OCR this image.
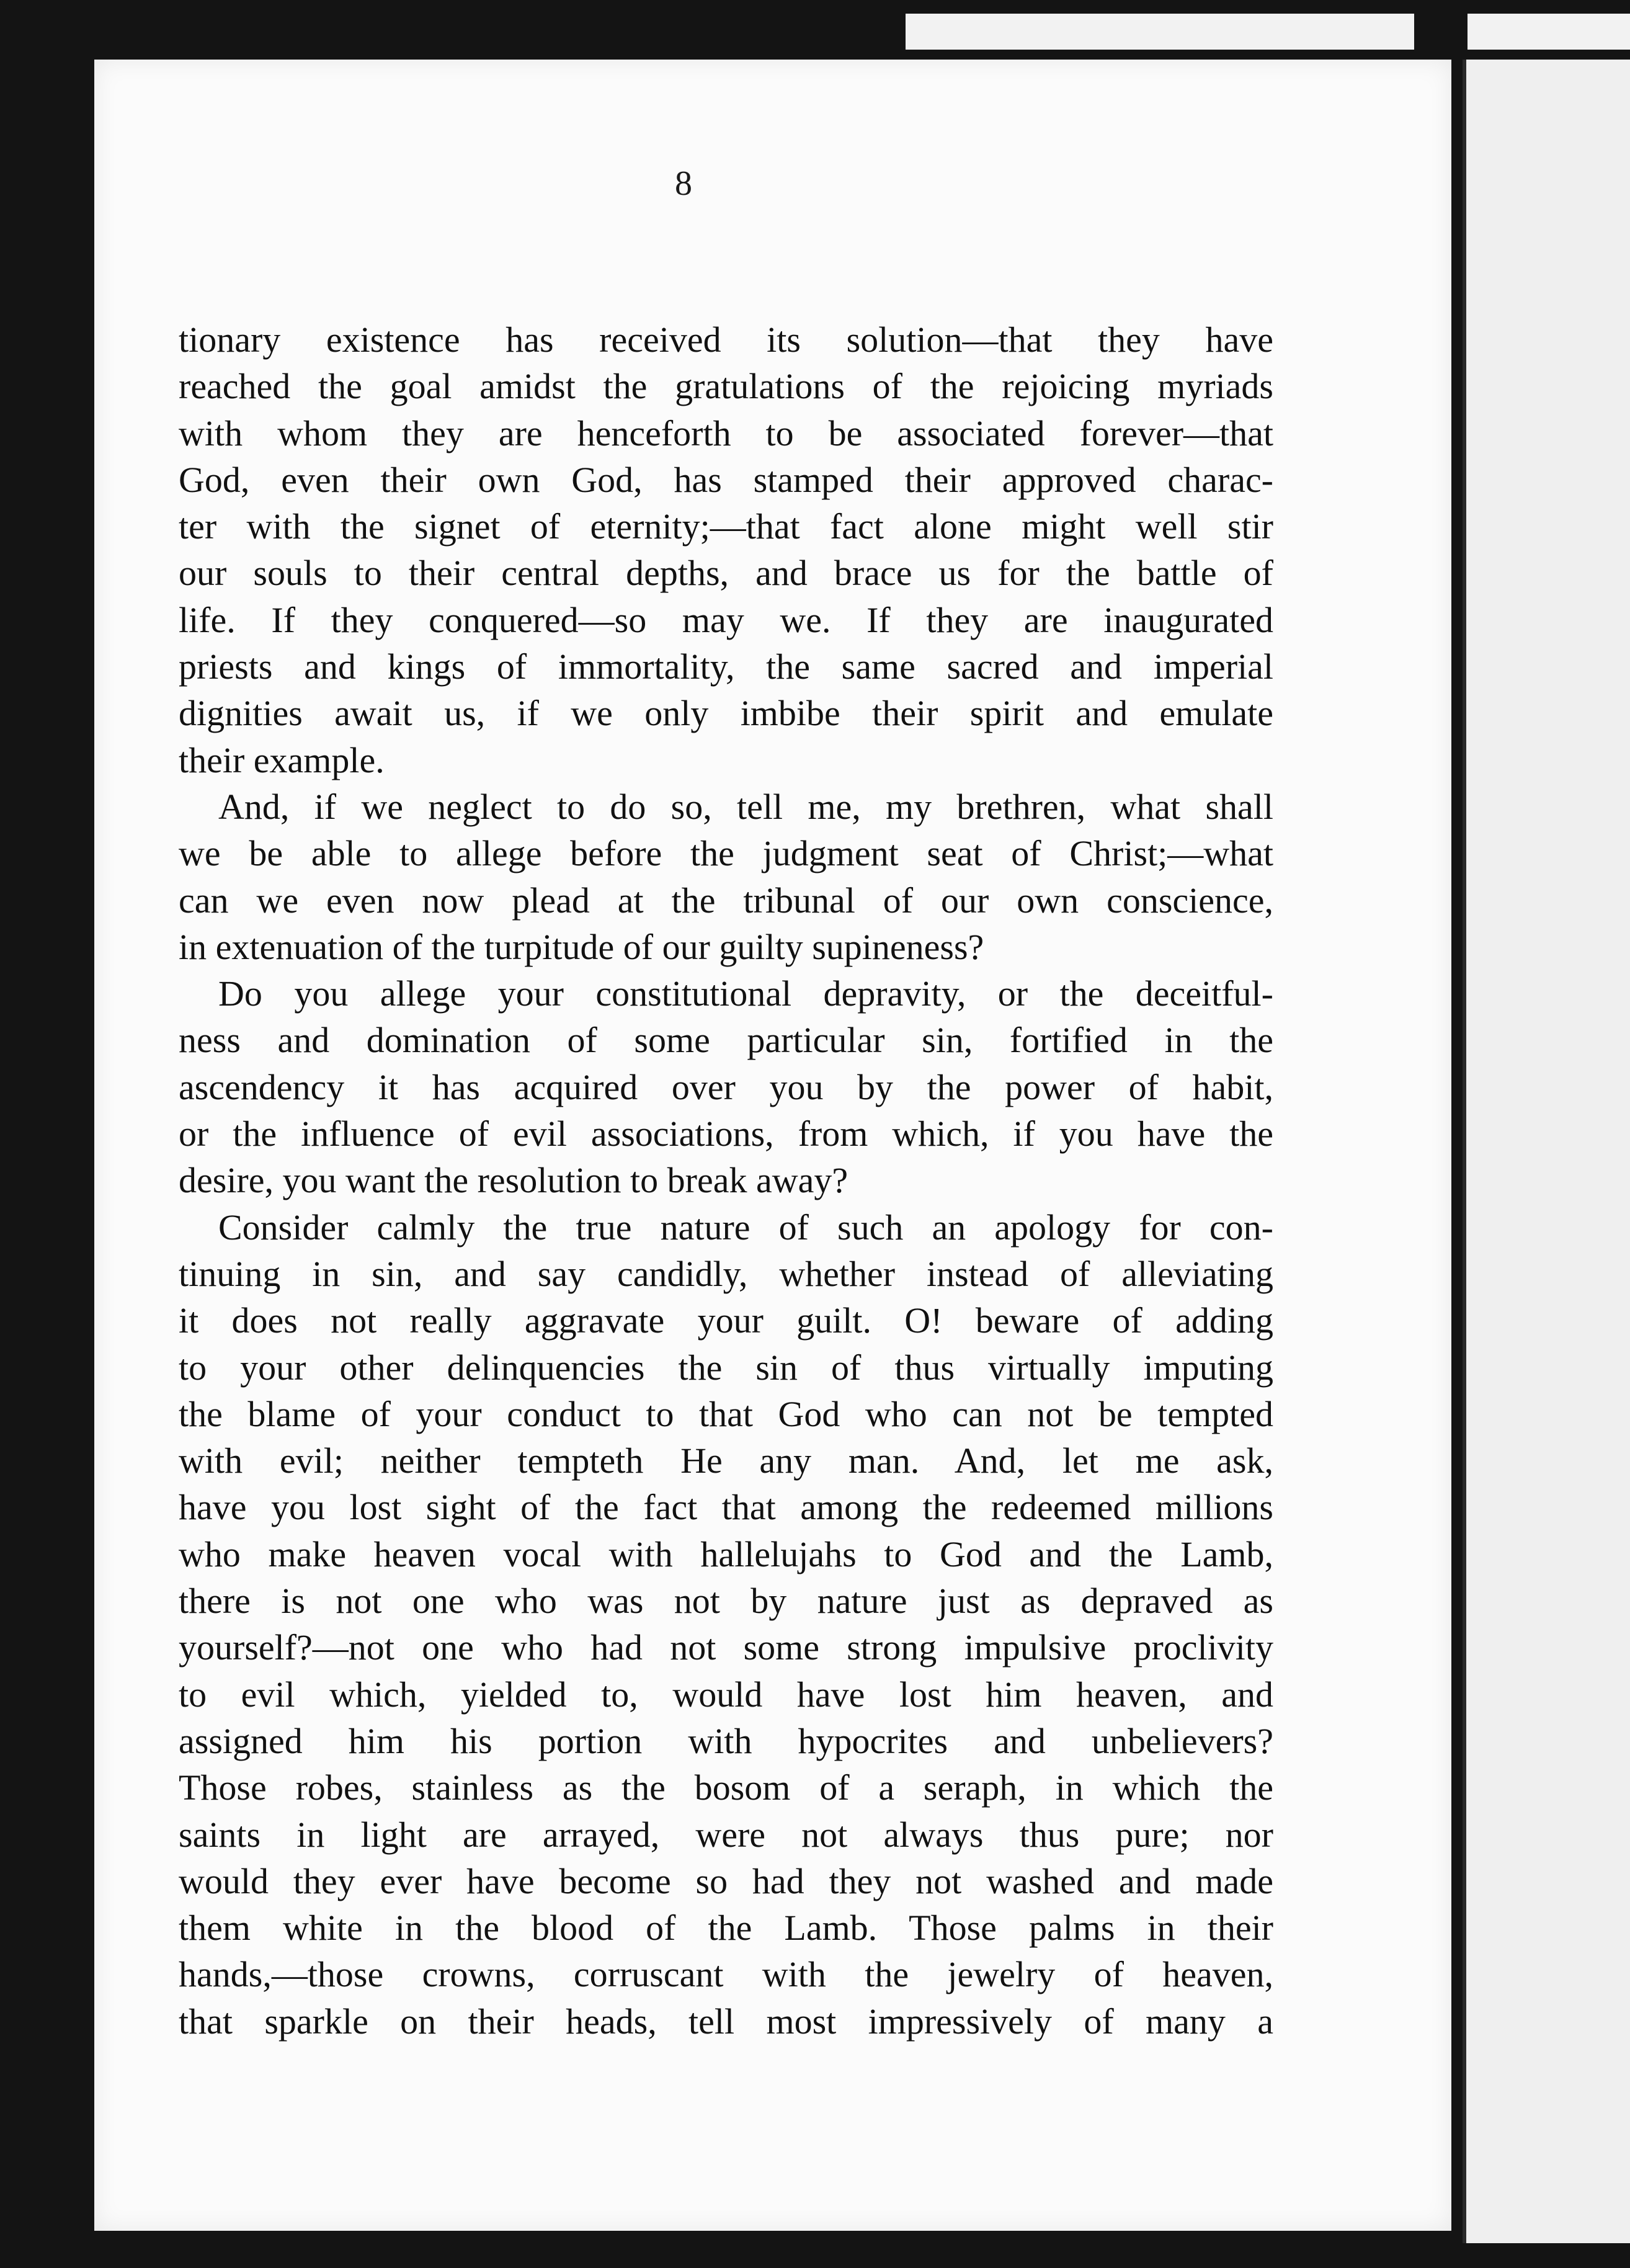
8
tionary existence has received its solution—that they have
reached the goal amidst the gratulations of the rejoicing myriads
with whom they are henceforth to be associated forever—that
God, even their own God, has stamped their approved charac-
ter with the signet of eternity;—that fact alone might well stir
our souls to their central depths, and brace us for the battle of
life. If they conquered—so may we. If they are inaugurated
priests and kings of immortality, the same sacred and imperial
dignities await us, if we only imbibe their spirit and emulate
their example.
And, if we neglect to do so, tell me, my brethren, what shall
we be able to allege before the judgment seat of Christ;—what
can we even now plead at the tribunal of our own conscience,
in extenuation of the turpitude of our guilty supineness?
Do you allege your constitutional depravity, or the deceitful-
ness and domination of some particular sin, fortified in the
ascendency it has acquired over you by the power of habit,
or the influence of evil associations, from which, if you have the
desire, you want the resolution to break away?
Consider calmly the true nature of such an apology for con-
tinuing in sin, and say candidly, whether instead of alleviating
it does not really aggravate your guilt. O! beware of adding
to your other delinquencies the sin of thus virtually imputing
the blame of your conduct to that God who can not be tempted
with evil; neither tempteth He any man. And, let me ask,
have you lost sight of the fact that among the redeemed millions
who make heaven vocal with hallelujahs to God and the Lamb,
there is not one who was not by nature just as depraved as
yourself?—not one who had not some strong impulsive proclivity
to evil which, yielded to, would have lost him heaven, and
assigned him his portion with hypocrites and unbelievers?
Those robes, stainless as the bosom of a seraph, in which the
saints in light are arrayed, were not always thus pure; nor
would they ever have become so had they not washed and made
them white in the blood of the Lamb. Those palms in their
hands,—those crowns, corruscant with the jewelry of heaven,
that sparkle on their heads, tell most impressively of many a
